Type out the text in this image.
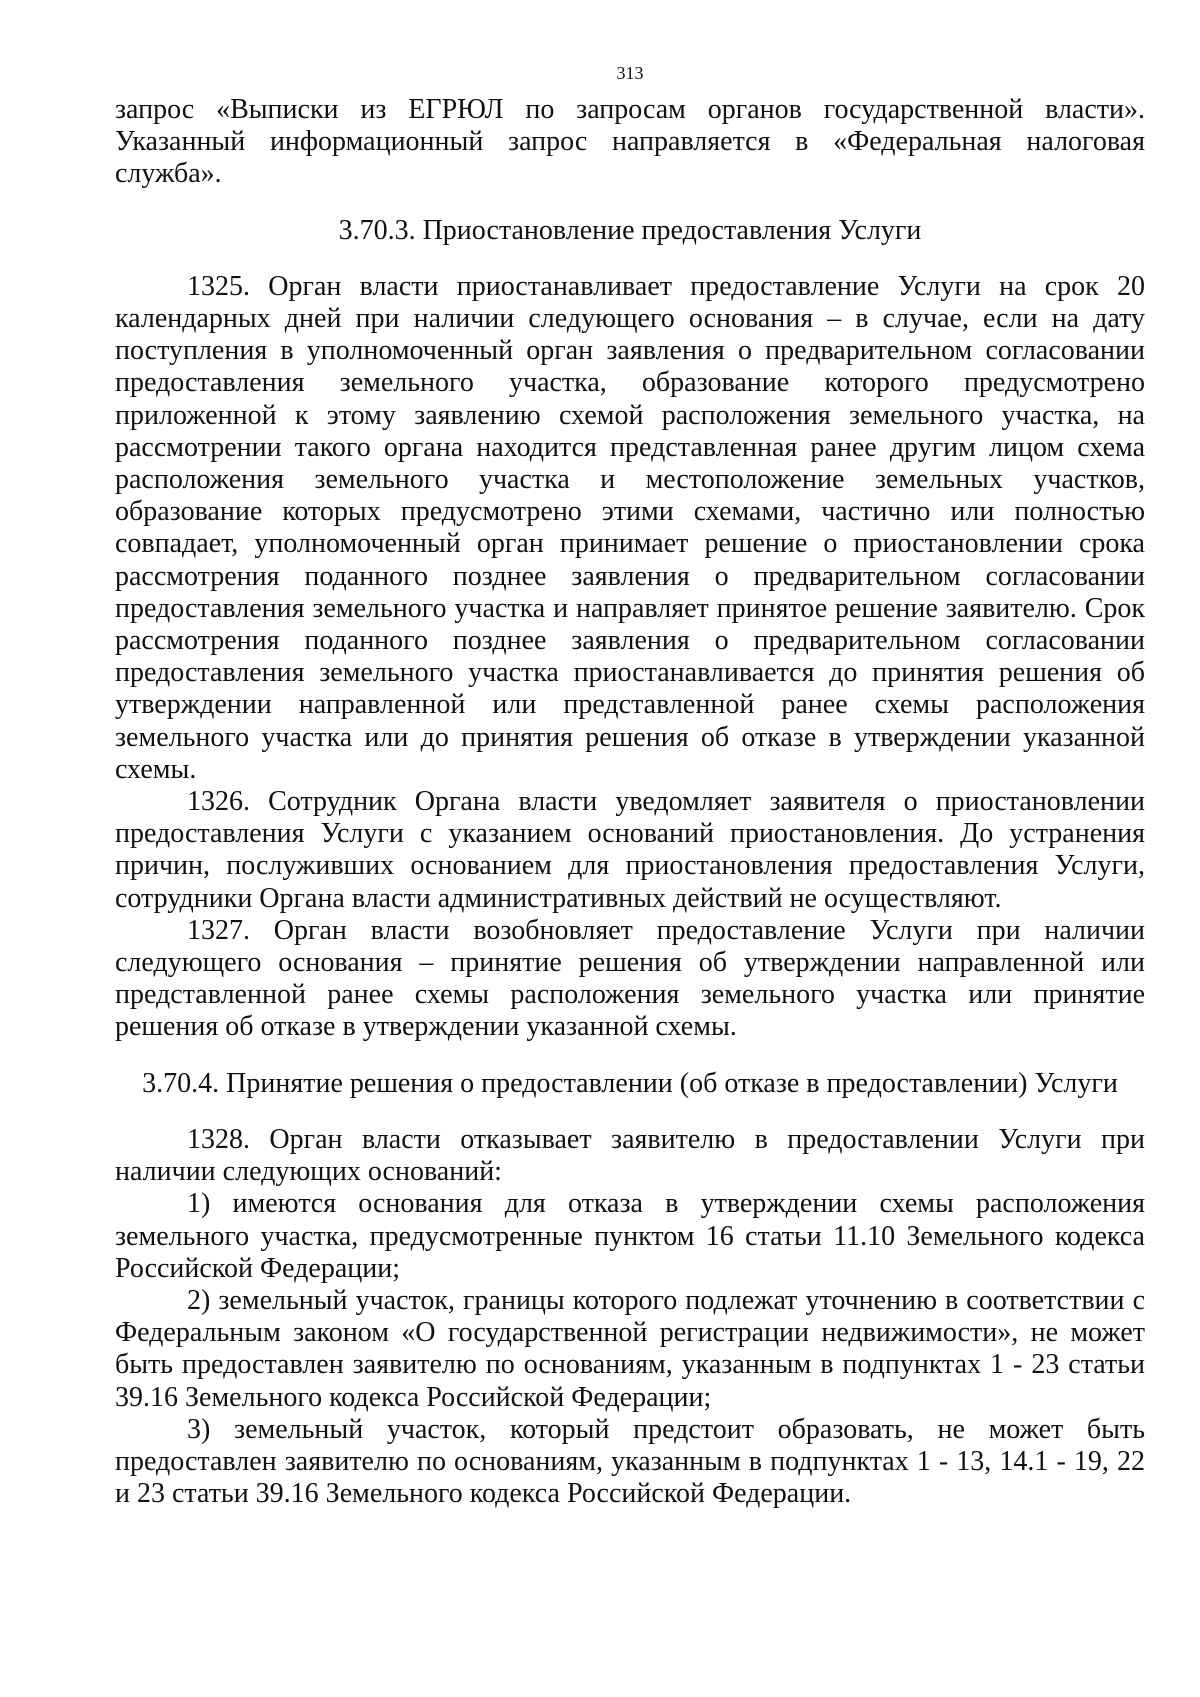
313

запрос «Выписки из ЕГРЮЛ по запросам органов государственной власти». Указанный информационный запрос направляется в «Федеральная налоговая служба».

3.70.3. Приостановление предоставления Услуги

1325. Орган власти приостанавливает предоставление Услуги на срок 20 календарных дней при наличии следующего основания – в случае, если на дату поступления в уполномоченный орган заявления о предварительном согласовании предоставления земельного участка, образование которого предусмотрено приложенной к этому заявлению схемой расположения земельного участка, на рассмотрении такого органа находится представленная ранее другим лицом схема расположения земельного участка и местоположение земельных участков, образование которых предусмотрено этими схемами, частично или полностью совпадает, уполномоченный орган принимает решение о приостановлении срока рассмотрения поданного позднее заявления о предварительном согласовании предоставления земельного участка и направляет принятое решение заявителю. Срок рассмотрения поданного позднее заявления о предварительном согласовании предоставления земельного участка приостанавливается до принятия решения об утверждении направленной или представленной ранее схемы расположения земельного участка или до принятия решения об отказе в утверждении указанной схемы.

1326. Сотрудник Органа власти уведомляет заявителя о приостановлении предоставления Услуги с указанием оснований приостановления. До устранения причин, послуживших основанием для приостановления предоставления Услуги, сотрудники Органа власти административных действий не осуществляют.

1327. Орган власти возобновляет предоставление Услуги при наличии следующего основания – принятие решения об утверждении направленной или представленной ранее схемы расположения земельного участка или принятие решения об отказе в утверждении указанной схемы.

3.70.4. Принятие решения о предоставлении (об отказе в предоставлении) Услуги

1328. Орган власти отказывает заявителю в предоставлении Услуги при наличии следующих оснований:

1) имеются основания для отказа в утверждении схемы расположения земельного участка, предусмотренные пунктом 16 статьи 11.10 Земельного кодекса Российской Федерации;

2) земельный участок, границы которого подлежат уточнению в соответствии с Федеральным законом «О государственной регистрации недвижимости», не может быть предоставлен заявителю по основаниям, указанным в подпунктах 1 - 23 статьи 39.16 Земельного кодекса Российской Федерации;

3) земельный участок, который предстоит образовать, не может быть предоставлен заявителю по основаниям, указанным в подпунктах 1 - 13, 14.1 - 19, 22 и 23 статьи 39.16 Земельного кодекса Российской Федерации.
